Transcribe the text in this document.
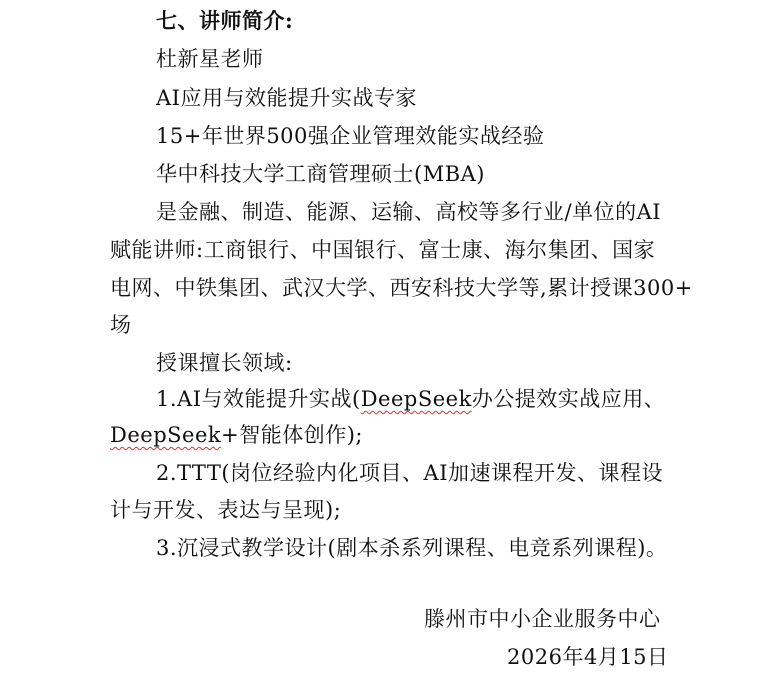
七、讲师简介:
杜新星老师
AI应用与效能提升实战专家
15+年世界500强企业管理效能实战经验
华中科技大学工商管理硕士(MBA)
是金融、制造、能源、运输、高校等多行业/单位的AI
赋能讲师:工商银行、中国银行、富士康、海尔集团、国家
电网、中铁集团、武汉大学、西安科技大学等,累计授课300+
场
授课擅长领域:
1.AI与效能提升实战(DeepSeek办公提效实战应用、
DeepSeek+智能体创作);
2.TTT(岗位经验内化项目、AI加速课程开发、课程设
计与开发、表达与呈现);
3.沉浸式教学设计(剧本杀系列课程、电竞系列课程)。
滕州市中小企业服务中心
2026年4月15日
